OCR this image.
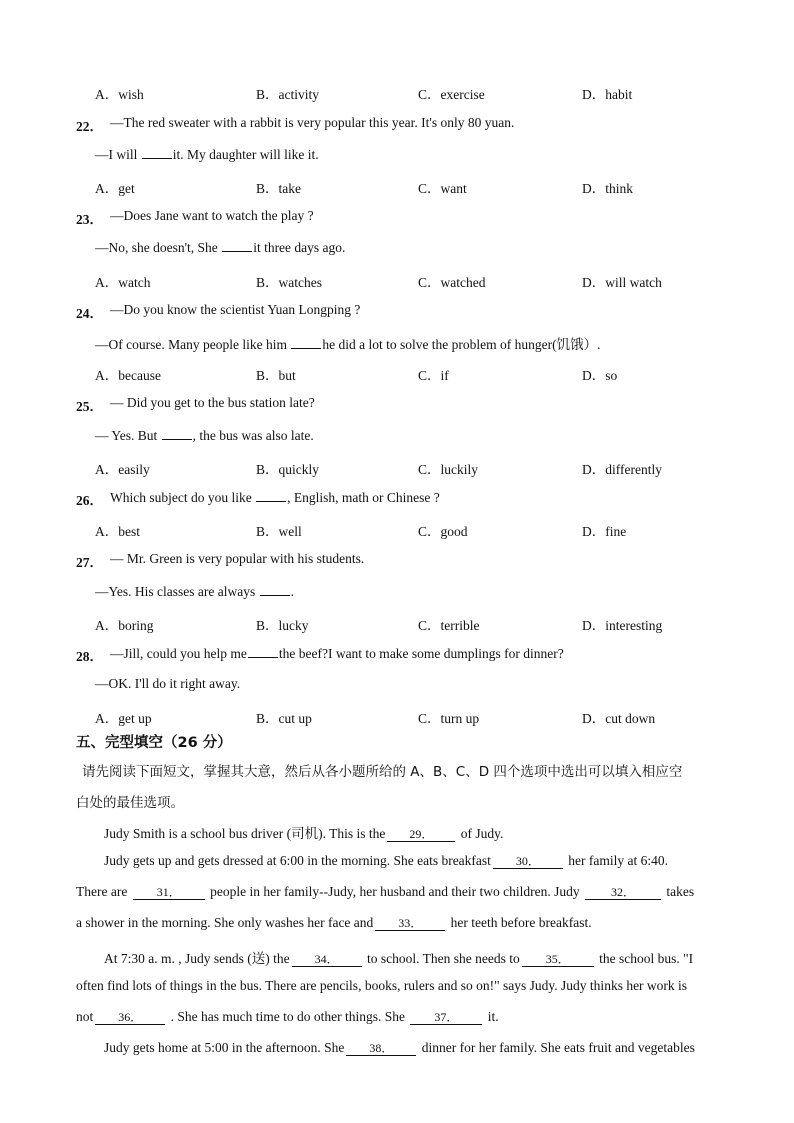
A．wish	B．activity	C．exercise	D．habit
22． —The red sweater with a rabbit is very popular this year. It's only 80 yuan.
—I will	it. My daughter will like it.
A．get	B．take	C．want	D．think
23． —Does Jane want to watch the play ?
—No, she doesn't, She	it three days ago.
A．watch	B．watches	C．watched	D．will watch
24． —Do you know the scientist Yuan Longping ?
—Of course. Many people like him	he did a lot to solve the problem of hunger(饥饿）.
A．because	B．but	C．if	D．so
25． — Did you get to the bus station late?
— Yes. But	, the bus was also late.
A．easily	B．quickly	C．luckily	D．differently
26． Which subject do you like	, English, math or Chinese ?
A．best	B．well	C．good	D．fine
27． — Mr. Green is very popular with his students.
—Yes. His classes are always	.
A．boring	B．lucky	C．terrible	D．interesting
28． —Jill, could you help me the beef?I want to make some dumplings for dinner?
—OK. I'll do it right away.
A．get up	B．cut up	C．turn up	D．cut down
五、完型填空（26 分）
请先阅读下面短文，掌握其大意，然后从各小题所给的 A、B、C、D 四个选项中选出可以填入相应空
白处的最佳选项。
Judy Smith is a school bus driver (司机). This is the 29． of Judy.
Judy gets up and gets dressed at 6:00 in the morning. She eats breakfast 30． her family at 6:40.
There are 31． people in her family--Judy, her husband and their two children. Judy	32． takes
a shower in the morning. She only washes her face and 33． her teeth before breakfast.
At 7:30 a. m. , Judy sends (送) the 34． to school. Then she needs to 35． the school bus. "I
often find lots of things in the bus. There are pencils, books, rulers and so on!" says Judy. Judy thinks her work is
not 36． . She has much time to do other things. She 37． it.
Judy gets home at 5:00 in the afternoon. She 38． dinner for her family. She eats fruit and vegetables
